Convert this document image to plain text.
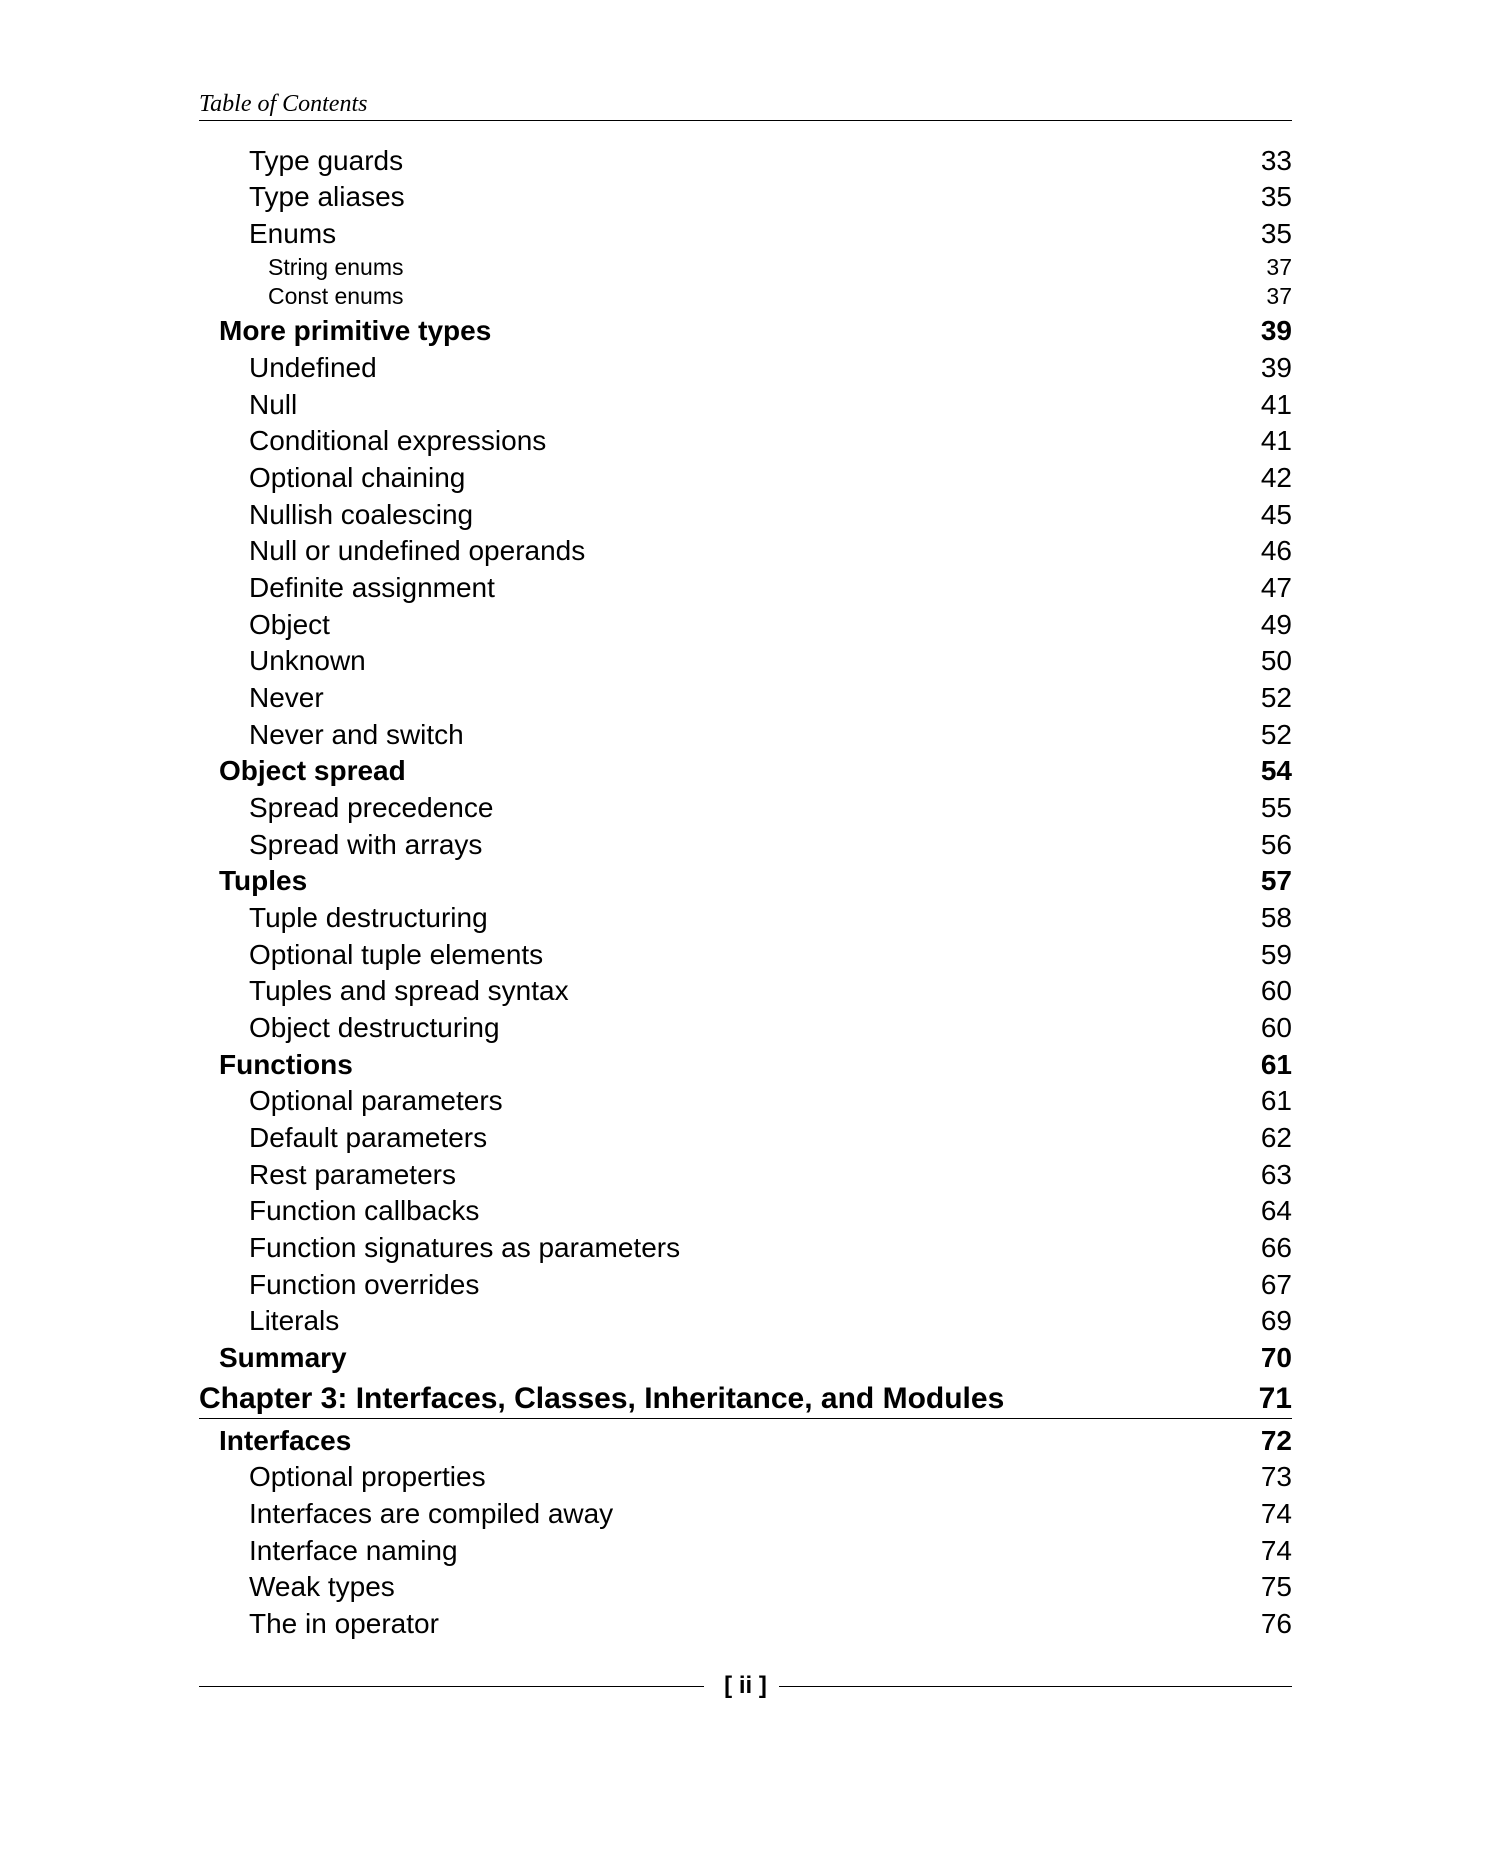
Table of Contents
Type guards	33
Type aliases	35
Enums	35
String enums	37
Const enums	37
More primitive types	39
Undefined	39
Null	41
Conditional expressions	41
Optional chaining	42
Nullish coalescing	45
Null or undefined operands	46
Definite assignment	47
Object	49
Unknown	50
Never	52
Never and switch	52
Object spread	54
Spread precedence	55
Spread with arrays	56
Tuples	57
Tuple destructuring	58
Optional tuple elements	59
Tuples and spread syntax	60
Object destructuring	60
Functions	61
Optional parameters	61
Default parameters	62
Rest parameters	63
Function callbacks	64
Function signatures as parameters	66
Function overrides	67
Literals	69
Summary	70
Chapter 3: Interfaces, Classes, Inheritance, and Modules	71
Interfaces	72
Optional properties	73
Interfaces are compiled away	74
Interface naming	74
Weak types	75
The in operator	76
[ ii ]
